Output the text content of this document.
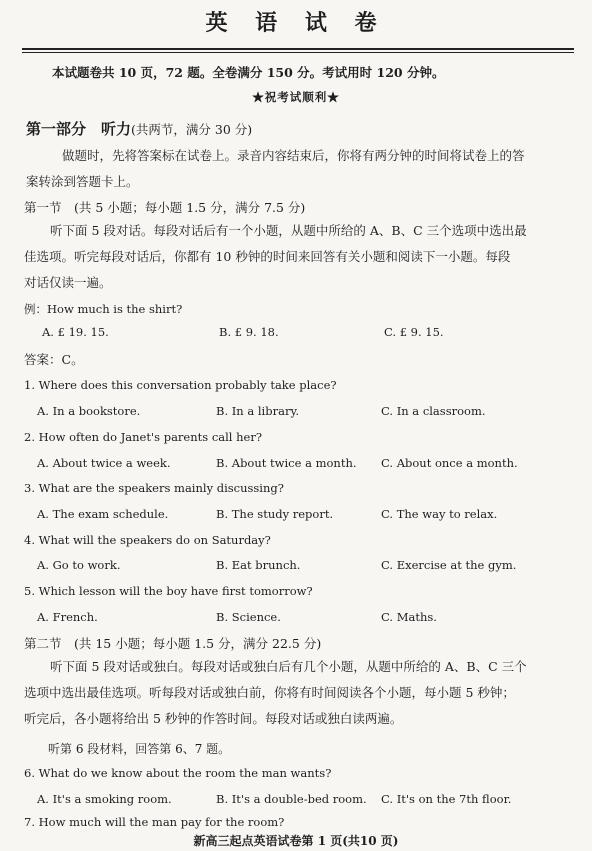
英 语 试 卷
本试题卷共 10 页，72 题。全卷满分 150 分。考试用时 120 分钟。
★祝考试顺利★
第一部分　听力(共两节，满分 30 分)
做题时，先将答案标在试卷上。录音内容结束后，你将有两分钟的时间将试卷上的答
案转涂到答题卡上。
第一节　(共 5 小题；每小题 1.5 分，满分 7.5 分)
听下面 5 段对话。每段对话后有一个小题，从题中所给的 A、B、C 三个选项中选出最
佳选项。听完每段对话后，你都有 10 秒钟的时间来回答有关小题和阅读下一小题。每段
对话仅读一遍。
例：How much is the shirt?
A. £ 19. 15.	B. £ 9. 18.	C. £ 9. 15.
答案：C。
1. Where does this conversation probably take place?
A. In a bookstore.	B. In a library.	C. In a classroom.
2. How often do Janet's parents call her?
A. About twice a week.	B. About twice a month. C. About once a month.
3. What are the speakers mainly discussing?
A. The exam schedule.	B. The study report.	C. The way to relax.
4. What will the speakers do on Saturday?
A. Go to work.	B. Eat brunch.	C. Exercise at the gym.
5. Which lesson will the boy have first tomorrow?
A. French.	B. Science.	C. Maths.
第二节　(共 15 小题；每小题 1.5 分，满分 22.5 分)
听下面 5 段对话或独白。每段对话或独白后有几个小题，从题中所给的 A、B、C 三个
选项中选出最佳选项。听每段对话或独白前，你将有时间阅读各个小题，每小题 5 秒钟；
听完后，各小题将给出 5 秒钟的作答时间。每段对话或独白读两遍。
听第 6 段材料，回答第 6、7 题。
6. What do we know about the room the man wants?
A. It's a smoking room.	B. It's a double-bed room. C. It's on the 7th floor.
7. How much will the man pay for the room?
新高三起点英语试卷第 1 页(共10 页)
